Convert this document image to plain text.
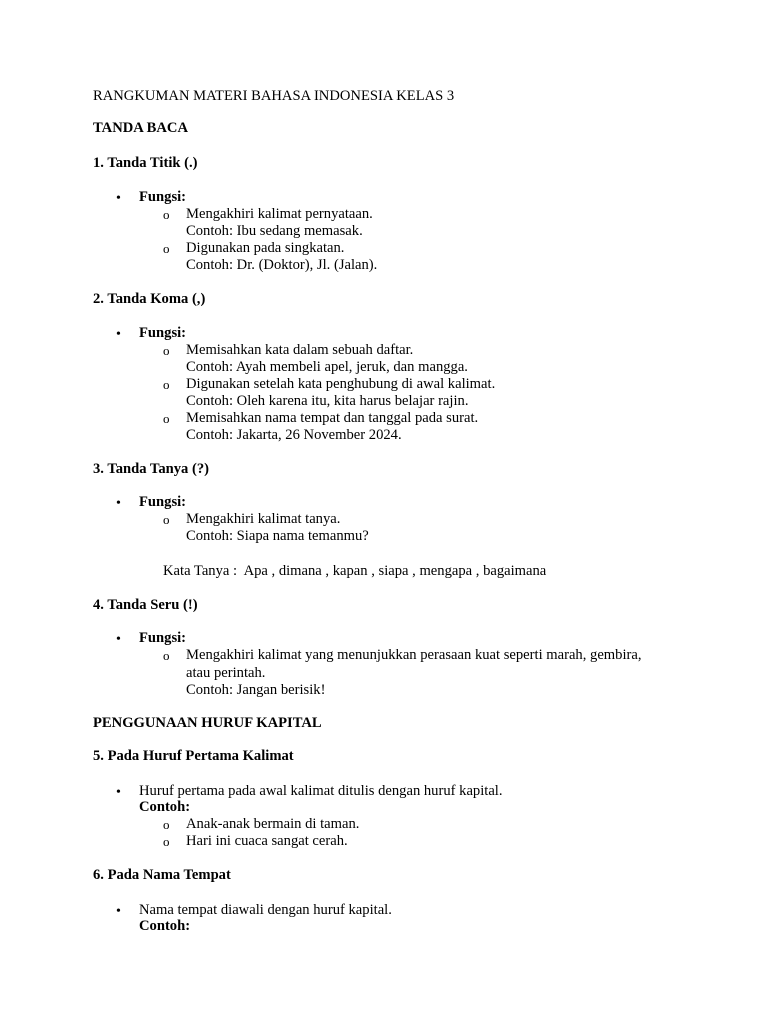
RANGKUMAN MATERI BAHASA INDONESIA KELAS 3
TANDA BACA
1. Tanda Titik (.)
• Fungsi:
o Mengakhiri kalimat pernyataan.
Contoh: Ibu sedang memasak.
o Digunakan pada singkatan.
Contoh: Dr. (Doktor), Jl. (Jalan).
2. Tanda Koma (,)
• Fungsi:
o Memisahkan kata dalam sebuah daftar.
Contoh: Ayah membeli apel, jeruk, dan mangga.
o Digunakan setelah kata penghubung di awal kalimat.
Contoh: Oleh karena itu, kita harus belajar rajin.
o Memisahkan nama tempat dan tanggal pada surat.
Contoh: Jakarta, 26 November 2024.
3. Tanda Tanya (?)
• Fungsi:
o Mengakhiri kalimat tanya.
Contoh: Siapa nama temanmu?
Kata Tanya :  Apa , dimana , kapan , siapa , mengapa , bagaimana
4. Tanda Seru (!)
• Fungsi:
o Mengakhiri kalimat yang menunjukkan perasaan kuat seperti marah, gembira,
atau perintah.
Contoh: Jangan berisik!
PENGGUNAAN HURUF KAPITAL
5. Pada Huruf Pertama Kalimat
• Huruf pertama pada awal kalimat ditulis dengan huruf kapital.
Contoh:
o Anak-anak bermain di taman.
o Hari ini cuaca sangat cerah.
6. Pada Nama Tempat
• Nama tempat diawali dengan huruf kapital.
Contoh:
